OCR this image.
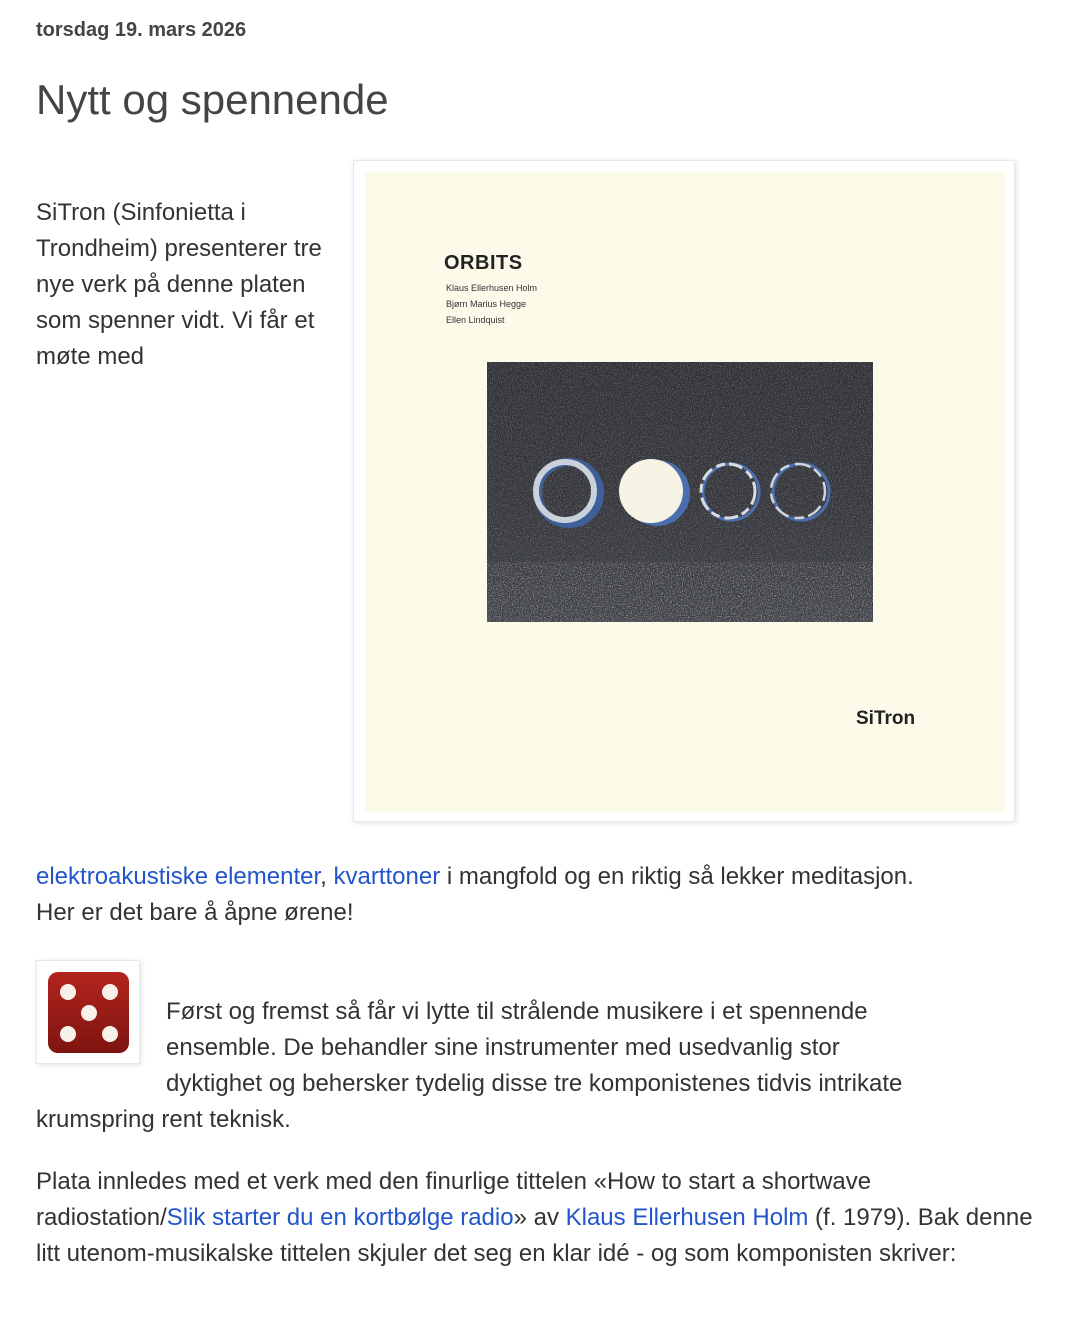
torsdag 19. mars 2026
Nytt og spennende
SiTron (Sinfonietta i Trondheim) presenterer tre nye verk på denne platen som spenner vidt. Vi får et møte med
ORBITS
Klaus Ellerhusen Holm
Bjørn Marius Hegge
Ellen Lindquist
SiTron

elektroakustiske elementer, kvarttoner i mangfold og en riktig så lekker meditasjon.
Her er det bare å åpne ørene!

Først og fremst så får vi lytte til strålende musikere i et spennende
ensemble. De behandler sine instrumenter med usedvanlig stor
dyktighet og behersker tydelig disse tre komponistenes tidvis intrikate
krumspring rent teknisk.

Plata innledes med et verk med den finurlige tittelen «How to start a shortwave radiostation/Slik starter du en kortbølge radio» av Klaus Ellerhusen Holm (f. 1979). Bak denne litt utenom-musikalske tittelen skjuler det seg en klar idé - og som komponisten skriver:
